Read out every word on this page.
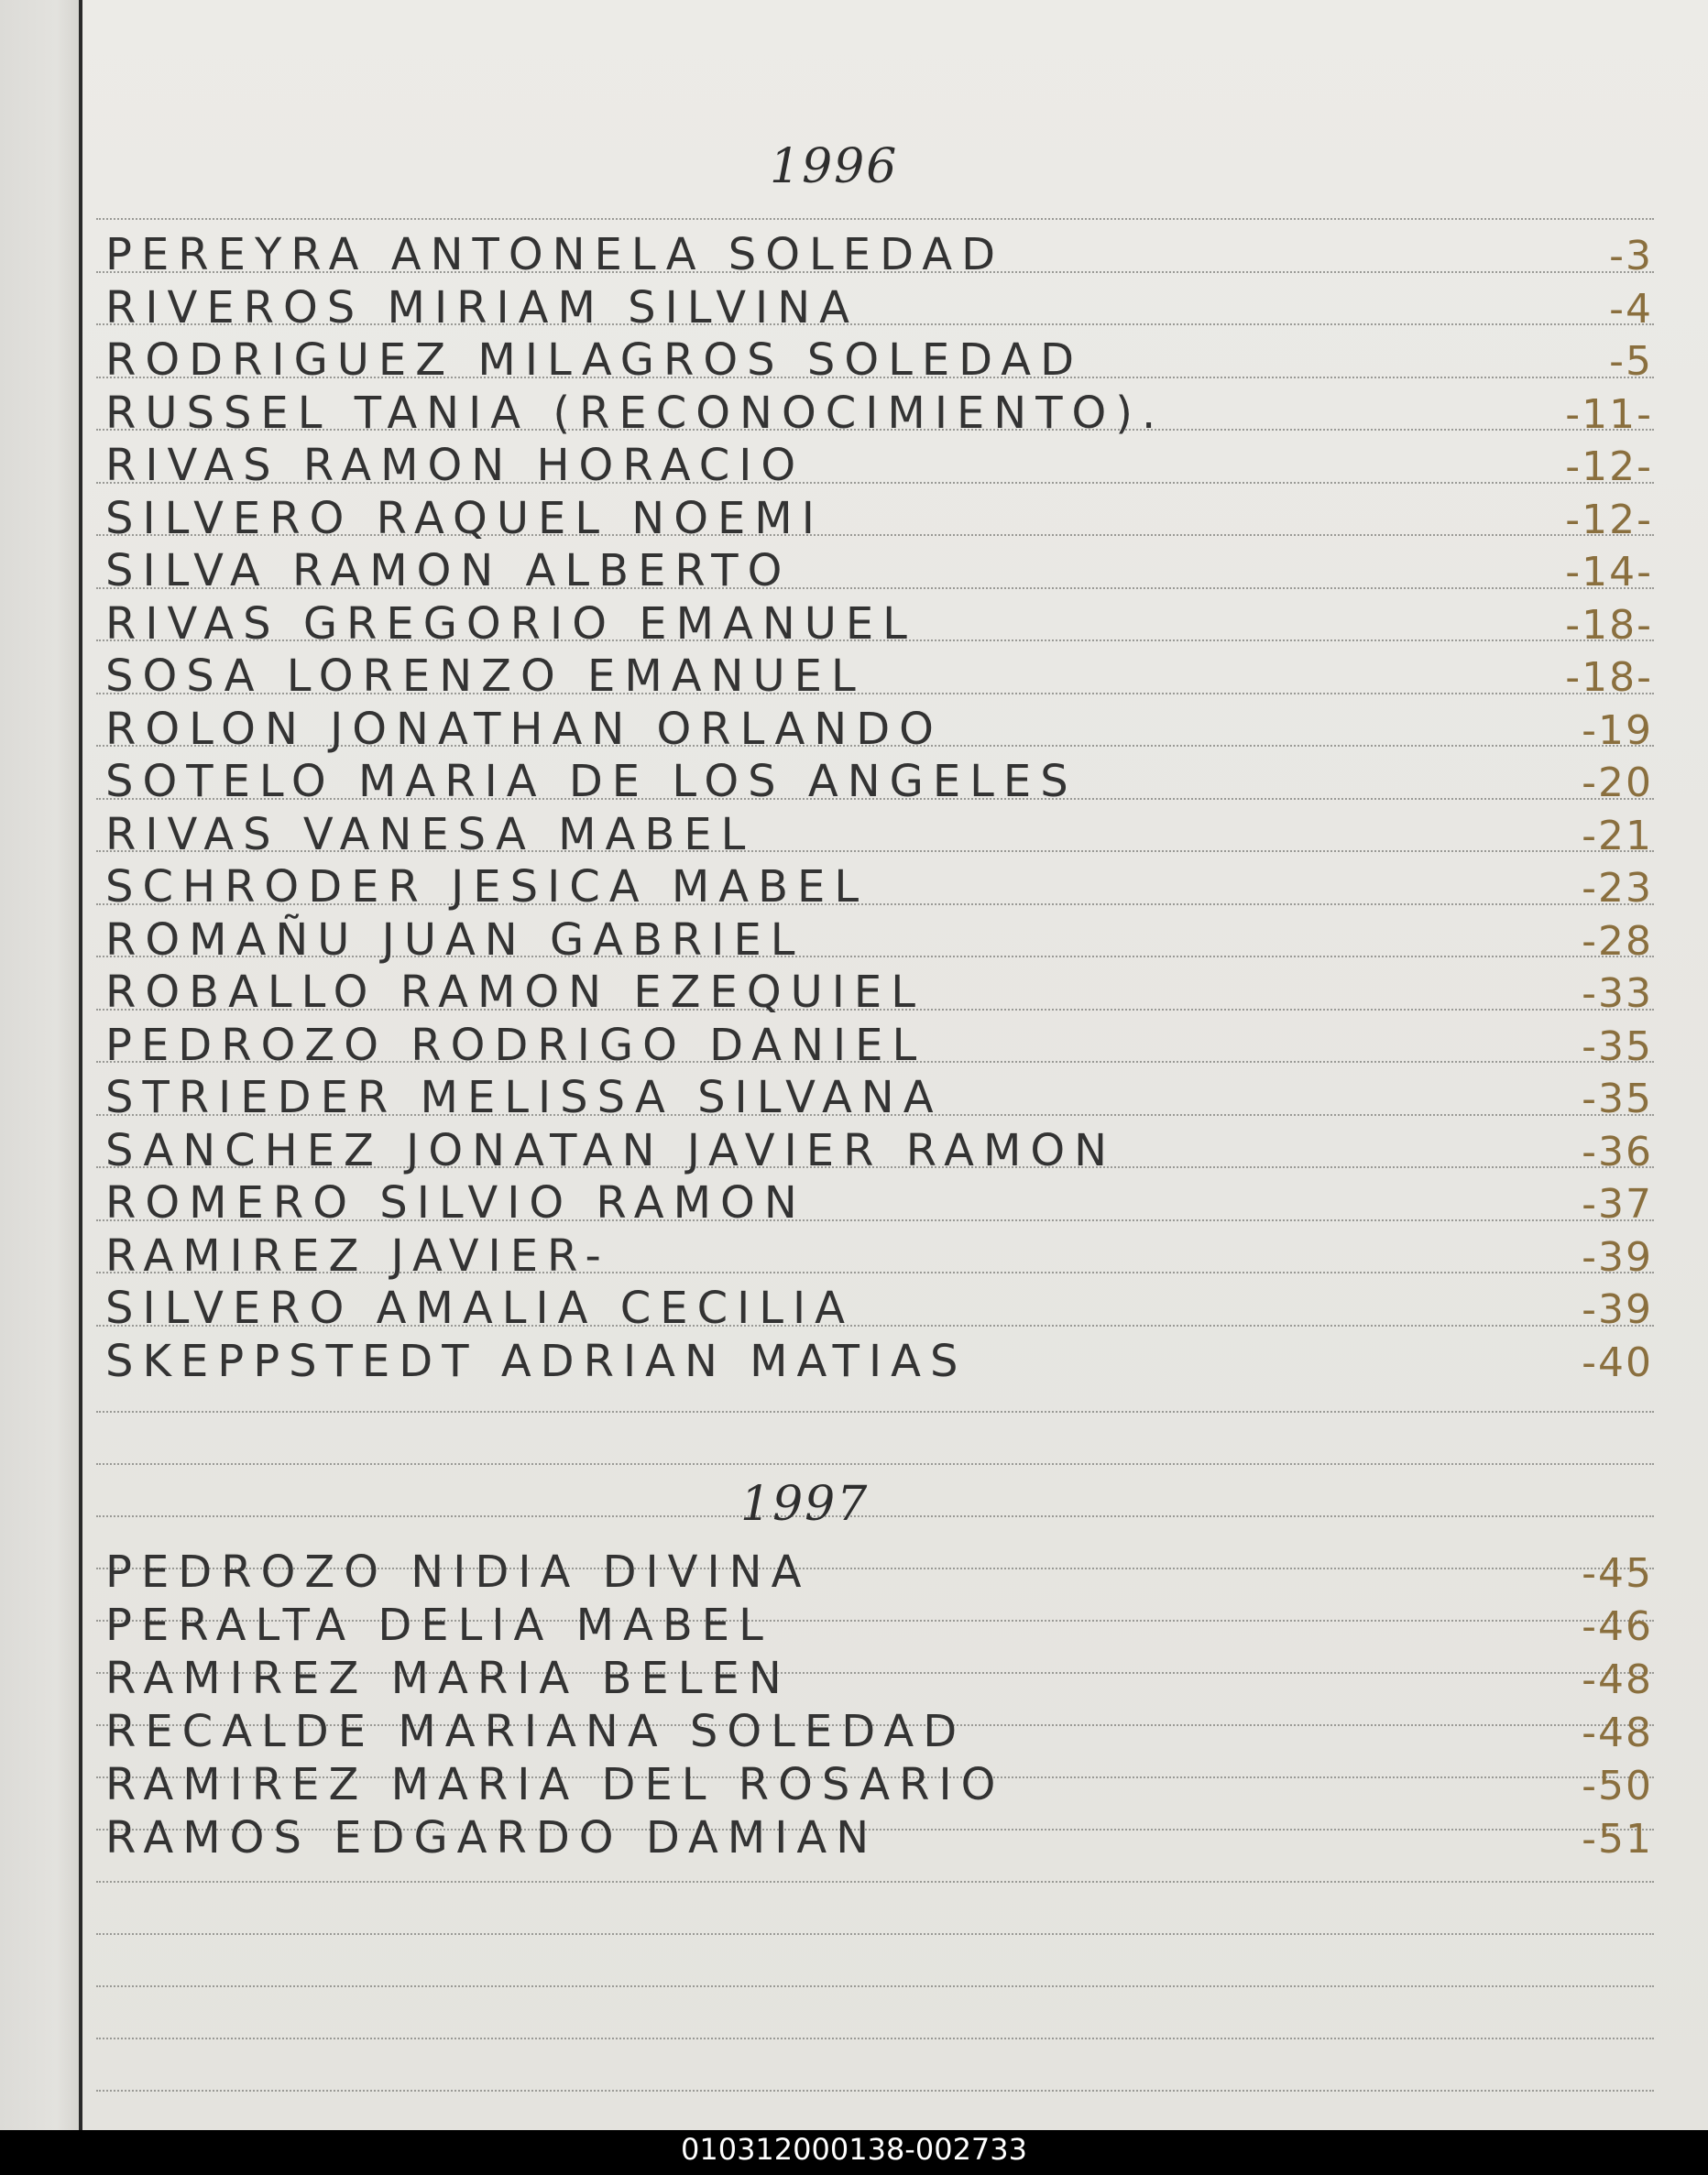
1996
1997
PEREYRA ANTONELA SOLEDAD	-3
RIVEROS MIRIAM SILVINA	-4
RODRIGUEZ MILAGROS SOLEDAD	-5
RUSSEL TANIA (RECONOCIMIENTO).	-11-
RIVAS RAMON HORACIO	-12-
SILVERO RAQUEL NOEMI	-12-
SILVA RAMON ALBERTO	-14-
RIVAS GREGORIO EMANUEL	-18-
SOSA LORENZO EMANUEL	-18-
ROLON JONATHAN ORLANDO	-19
SOTELO MARIA DE LOS ANGELES	-20
RIVAS VANESA MABEL	-21
SCHRODER JESICA MABEL	-23
ROMAÑU JUAN GABRIEL	-28
ROBALLO RAMON EZEQUIEL	-33
PEDROZO RODRIGO DANIEL	-35
STRIEDER MELISSA SILVANA	-35
SANCHEZ JONATAN JAVIER RAMON	-36
ROMERO SILVIO RAMON	-37
RAMIREZ JAVIER-	-39
SILVERO AMALIA CECILIA	-39
SKEPPSTEDT ADRIAN MATIAS	-40
PEDROZO NIDIA DIVINA	-45
PERALTA DELIA MABEL	-46
RAMIREZ MARIA BELEN	-48
RECALDE MARIANA SOLEDAD	-48
RAMIREZ MARIA DEL ROSARIO	-50
RAMOS EDGARDO DAMIAN	-51
010312000138-002733
